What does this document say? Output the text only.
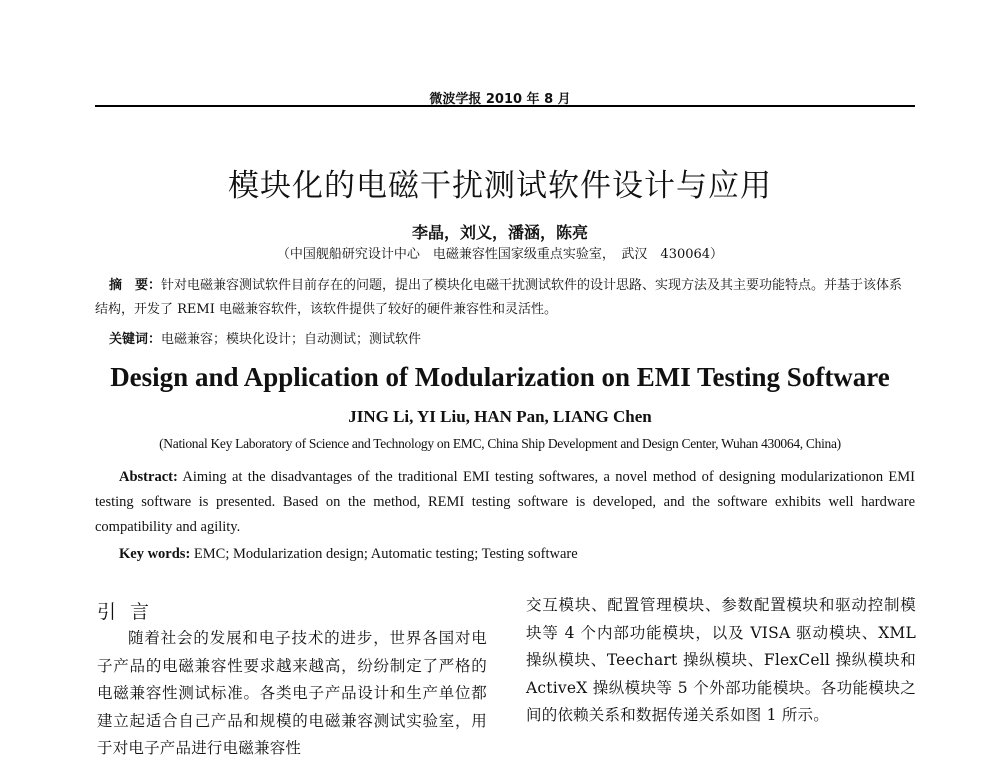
微波学报 2010 年 8 月
模块化的电磁干扰测试软件设计与应用
李晶，刘义，潘涵，陈亮
（中国舰船研究设计中心　电磁兼容性国家级重点实验室，　武汉　430064）
摘　要：针对电磁兼容测试软件目前存在的问题，提出了模块化电磁干扰测试软件的设计思路、实现方法及其主要功能特点。并基于该体系结构，开发了 REMI 电磁兼容软件，该软件提供了较好的硬件兼容性和灵活性。
关键词：电磁兼容；模块化设计；自动测试；测试软件
Design and Application of Modularization on EMI Testing Software
JING Li, YI Liu, HAN Pan, LIANG Chen
(National Key Laboratory of Science and Technology on EMC, China Ship Development and Design Center, Wuhan 430064, China)
Abstract: Aiming at the disadvantages of the traditional EMI testing softwares, a novel method of designing modularizationon EMI testing software is presented. Based on the method, REMI testing software is developed, and the software exhibits well hardware compatibility and agility.
Key words: EMC; Modularization design; Automatic testing; Testing software
引言
随着社会的发展和电子技术的进步，世界各国对电子产品的电磁兼容性要求越来越高，纷纷制定了严格的电磁兼容性测试标准。各类电子产品设计和生产单位都建立起适合自己产品和规模的电磁兼容测试实验室，用于对电子产品进行电磁兼容性
交互模块、配置管理模块、参数配置模块和驱动控制模块等 4 个内部功能模块，以及 VISA 驱动模块、XML 操纵模块、Teechart 操纵模块、FlexCell 操纵模块和 ActiveX 操纵模块等 5 个外部功能模块。各功能模块之间的依赖关系和数据传递关系如图 1 所示。
